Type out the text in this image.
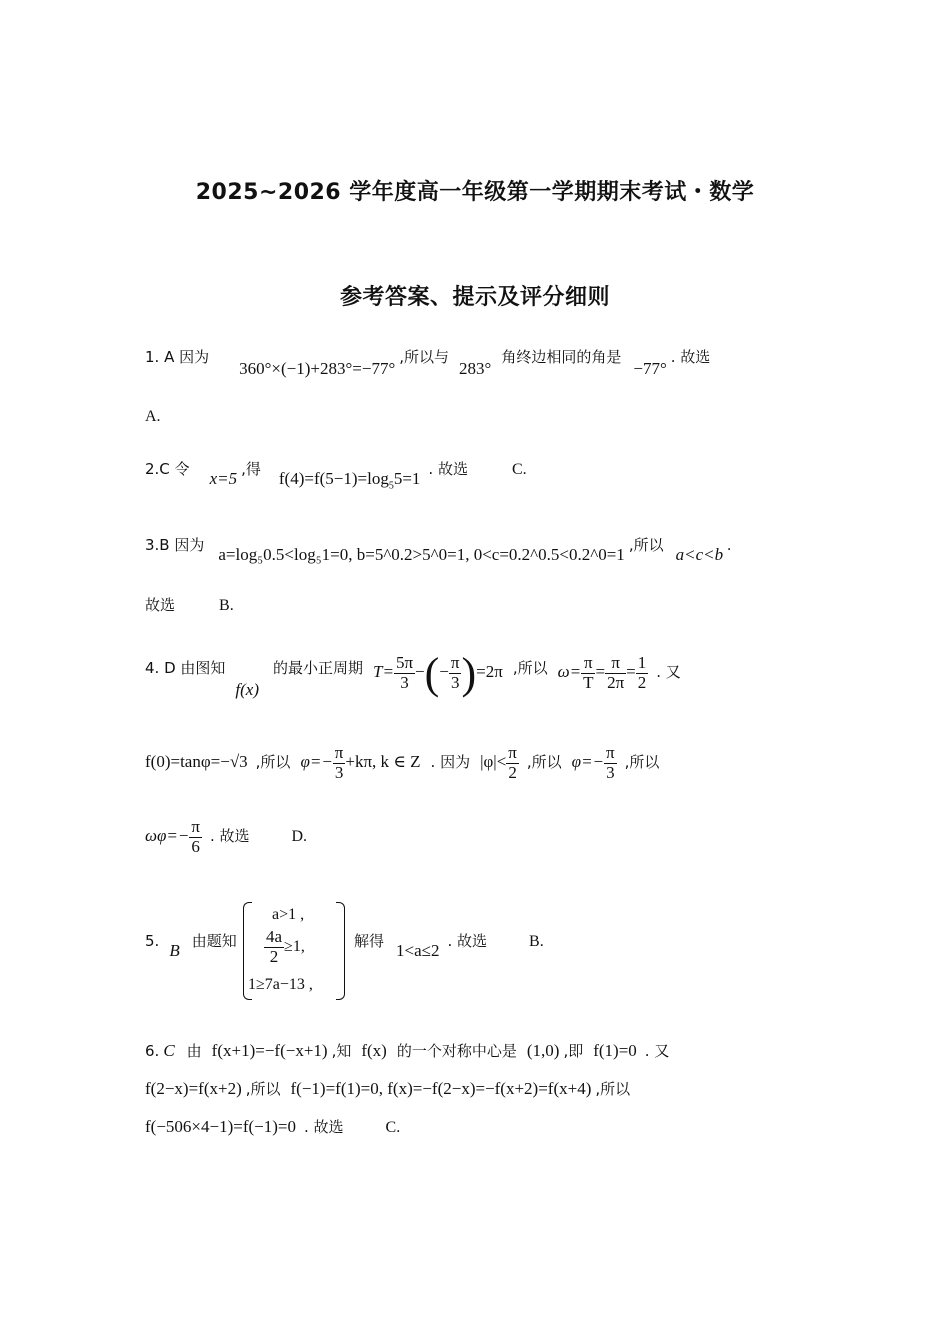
2025~2026 学年度高一年级第一学期期末考试・数学
参考答案、提示及评分细则
1. A 因为 360°×(−1)+283°=−77° ,所以与 283° 角终边相同的角是 −77° . 故选
A.
2.C 令 x=5 ,得 $f(4)=f(5-1)=\log_55=1$ . 故选	C.
3.B 因为 a=log₅0.5<log₅1=0, b=5^0.2>5^0=1, 0<c=0.2^0.5<0.2^0=1 ,所以 a<c<b .
故选	B.
4. D 由图知 f(x) 的最小正周期 $T= \frac{5\pi}{3}$ −(− $\frac{\pi}{3} )=2\pi$ ,所以 $\omega= \frac{\pi}{T} = \frac{\pi}{2\pi} = \frac{1}{2}$ . 又
f(0)=tanφ=−√3 ,所以 $\varphi=- \frac{\pi}{3} +k\pi$, k ∈ Z . 因为 $|\varphi|< \frac{\pi}{2}$ ,所以 $\varphi=- \frac{\pi}{3}$ ,所以
$\omega\varphi=- \frac{\pi}{6}$ . 故选	D.
5. B 由题知
a>1 ,
$\frac{4a}{2} \ge 1$,
1≥7a−13 ,
解得 1<a≤2 . 故选	B.
6. C 由 f(x+1)=−f(−x+1) ,知 f(x) 的一个对称中心是 (1,0) ,即 f(1)=0 . 又
f(2−x)=f(x+2) ,所以 f(−1)=f(1)=0, f(x)=−f(2−x)=−f(x+2)=f(x+4) ,所以
f(−506×4−1)=f(−1)=0 . 故选	C.
